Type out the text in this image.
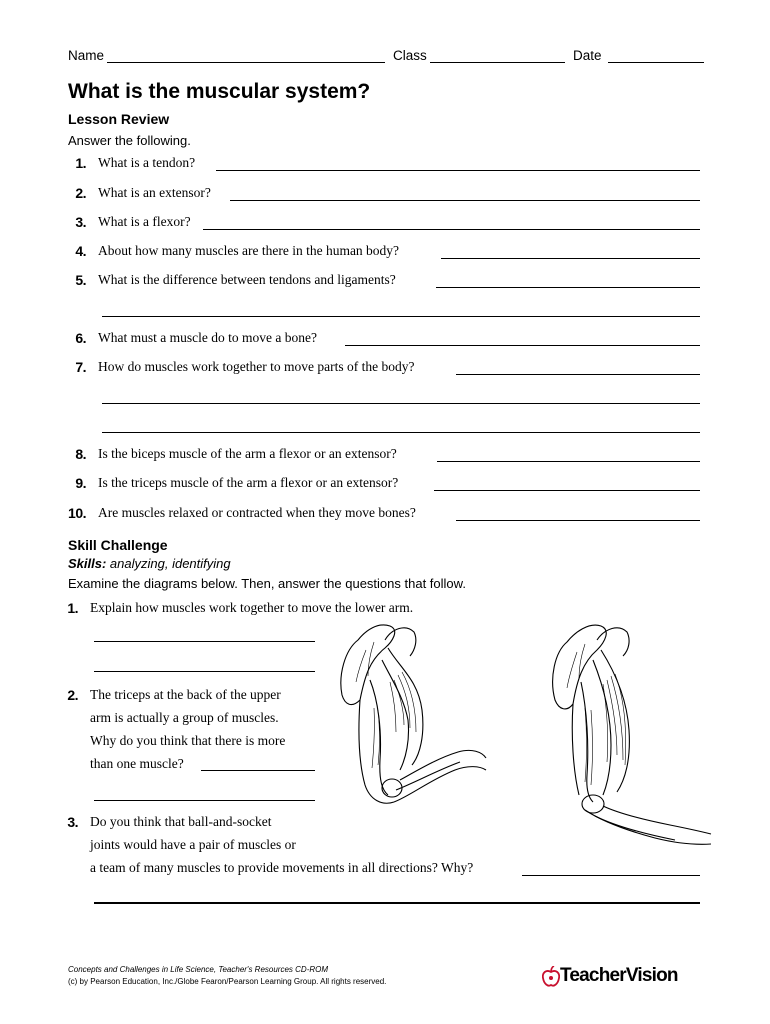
Name	Class	Date
What is the muscular system?
Lesson Review
Answer the following.
1. What is a tendon?
2. What is an extensor?
3. What is a flexor?
4. About how many muscles are there in the human body?
5. What is the difference between tendons and ligaments?
6. What must a muscle do to move a bone?
7. How do muscles work together to move parts of the body?
8. Is the biceps muscle of the arm a flexor or an extensor?
9. Is the triceps muscle of the arm a flexor or an extensor?
10. Are muscles relaxed or contracted when they move bones?
Skill Challenge
Skills: analyzing, identifying
Examine the diagrams below. Then, answer the questions that follow.
1. Explain how muscles work together to move the lower arm.
2. The triceps at the back of the upper
arm is actually a group of muscles.
Why do you think that there is more
than one muscle?
3. Do you think that ball-and-socket
joints would have a pair of muscles or
a team of many muscles to provide movements in all directions? Why?
Concepts and Challenges in Life Science, Teacher's Resources CD-ROM
(c) by Pearson Education, Inc./Globe Fearon/Pearson Learning Group. All rights reserved.	TeacherVision
